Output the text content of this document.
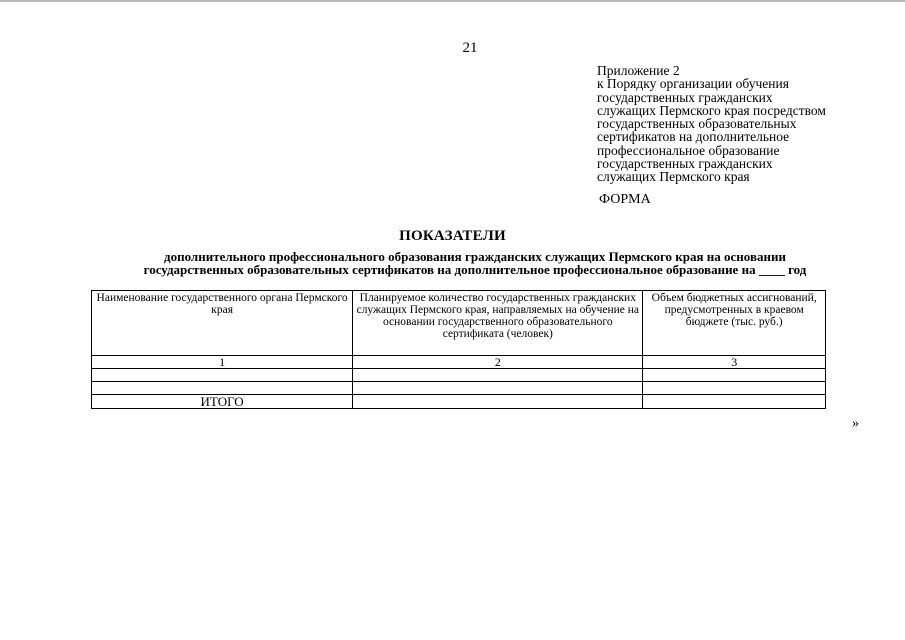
21
Приложение 2
к Порядку организации обучения
государственных гражданских
служащих Пермского края посредством
государственных образовательных
сертификатов на дополнительное
профессиональное образование
государственных гражданских
служащих Пермского края
ФОРМА
ПОКАЗАТЕЛИ
дополнительного профессионального образования гражданских служащих Пермского края на основании
государственных образовательных сертификатов на дополнительное профессиональное образование на ____ год
Наименование государственного органа Пермского края	Планируемое количество государственных гражданских служащих Пермского края, направляемых на обучение на основании государственного образовательного сертификата (человек)	Объем бюджетных ассигнований, предусмотренных в краевом бюджете (тыс. руб.)
1	2	3

ИТОГО		
»
